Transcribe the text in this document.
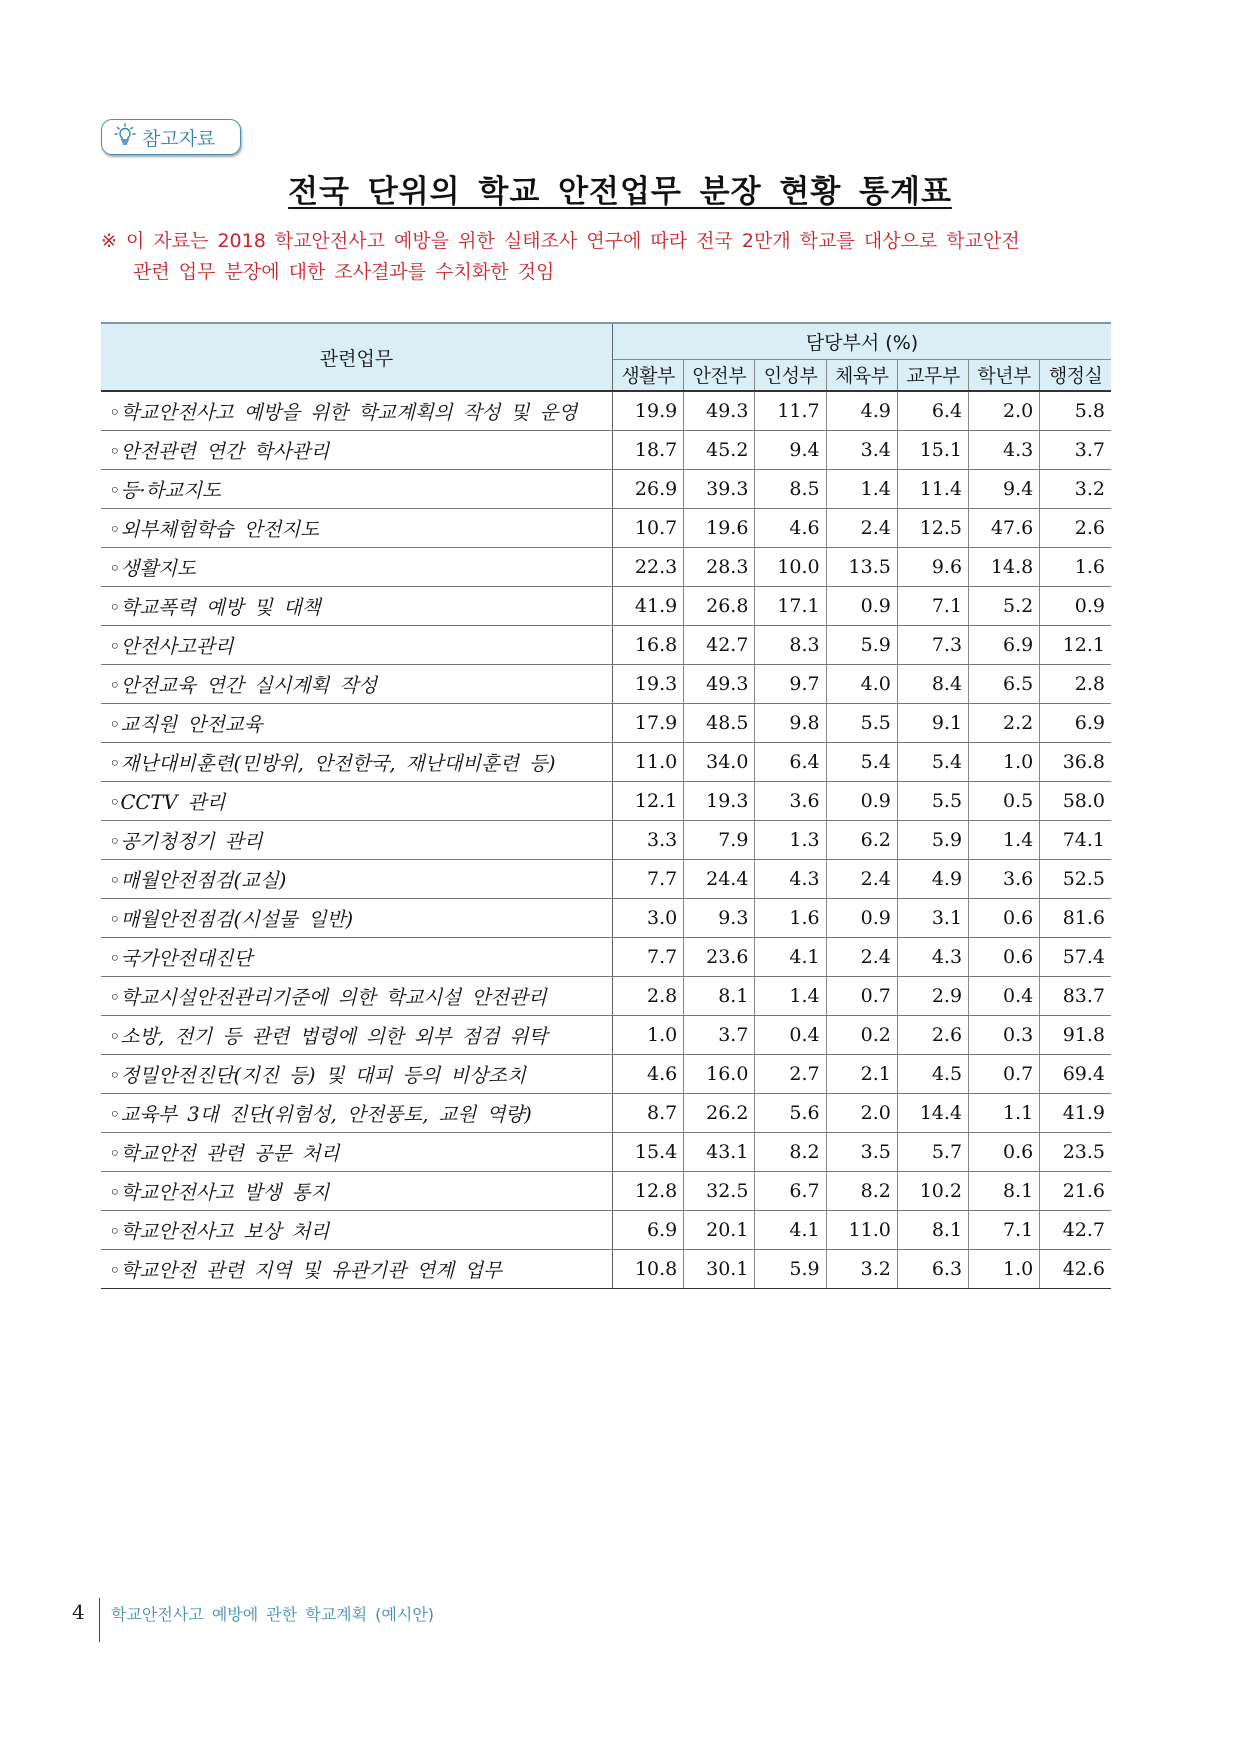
참고자료
전국 단위의 학교 안전업무 분장 현황 통계표
※ 이 자료는 2018 학교안전사고 예방을 위한 실태조사 연구에 따라 전국 2만개 학교를 대상으로 학교안전
관련 업무 분장에 대한 조사결과를 수치화한 것임
관련업무	담당부서 (%)						
	생활부	안전부	인성부	체육부	교무부	학년부	행정실
◦학교안전사고 예방을 위한 학교계획의 작성 및 운영	19.9	49.3	11.7	4.9	6.4	2.0	5.8
◦안전관련 연간 학사관리	18.7	45.2	9.4	3.4	15.1	4.3	3.7
◦등·하교지도	26.9	39.3	8.5	1.4	11.4	9.4	3.2
◦외부체험학습 안전지도	10.7	19.6	4.6	2.4	12.5	47.6	2.6
◦생활지도	22.3	28.3	10.0	13.5	9.6	14.8	1.6
◦학교폭력 예방 및 대책	41.9	26.8	17.1	0.9	7.1	5.2	0.9
◦안전사고관리	16.8	42.7	8.3	5.9	7.3	6.9	12.1
◦안전교육 연간 실시계획 작성	19.3	49.3	9.7	4.0	8.4	6.5	2.8
◦교직원 안전교육	17.9	48.5	9.8	5.5	9.1	2.2	6.9
◦재난대비훈련(민방위, 안전한국, 재난대비훈련 등)	11.0	34.0	6.4	5.4	5.4	1.0	36.8
◦CCTV 관리	12.1	19.3	3.6	0.9	5.5	0.5	58.0
◦공기청정기 관리	3.3	7.9	1.3	6.2	5.9	1.4	74.1
◦매월안전점검(교실)	7.7	24.4	4.3	2.4	4.9	3.6	52.5
◦매월안전점검(시설물 일반)	3.0	9.3	1.6	0.9	3.1	0.6	81.6
◦국가안전대진단	7.7	23.6	4.1	2.4	4.3	0.6	57.4
◦학교시설안전관리기준에 의한 학교시설 안전관리	2.8	8.1	1.4	0.7	2.9	0.4	83.7
◦소방, 전기 등 관련 법령에 의한 외부 점검 위탁	1.0	3.7	0.4	0.2	2.6	0.3	91.8
◦정밀안전진단(지진 등) 및 대피 등의 비상조치	4.6	16.0	2.7	2.1	4.5	0.7	69.4
◦교육부 3대 진단(위험성, 안전풍토, 교원 역량)	8.7	26.2	5.6	2.0	14.4	1.1	41.9
◦학교안전 관련 공문 처리	15.4	43.1	8.2	3.5	5.7	0.6	23.5
◦학교안전사고 발생 통지	12.8	32.5	6.7	8.2	10.2	8.1	21.6
◦학교안전사고 보상 처리	6.9	20.1	4.1	11.0	8.1	7.1	42.7
◦학교안전 관련 지역 및 유관기관 연계 업무	10.8	30.1	5.9	3.2	6.3	1.0	42.6
4 학교안전사고 예방에 관한 학교계획 (예시안)
